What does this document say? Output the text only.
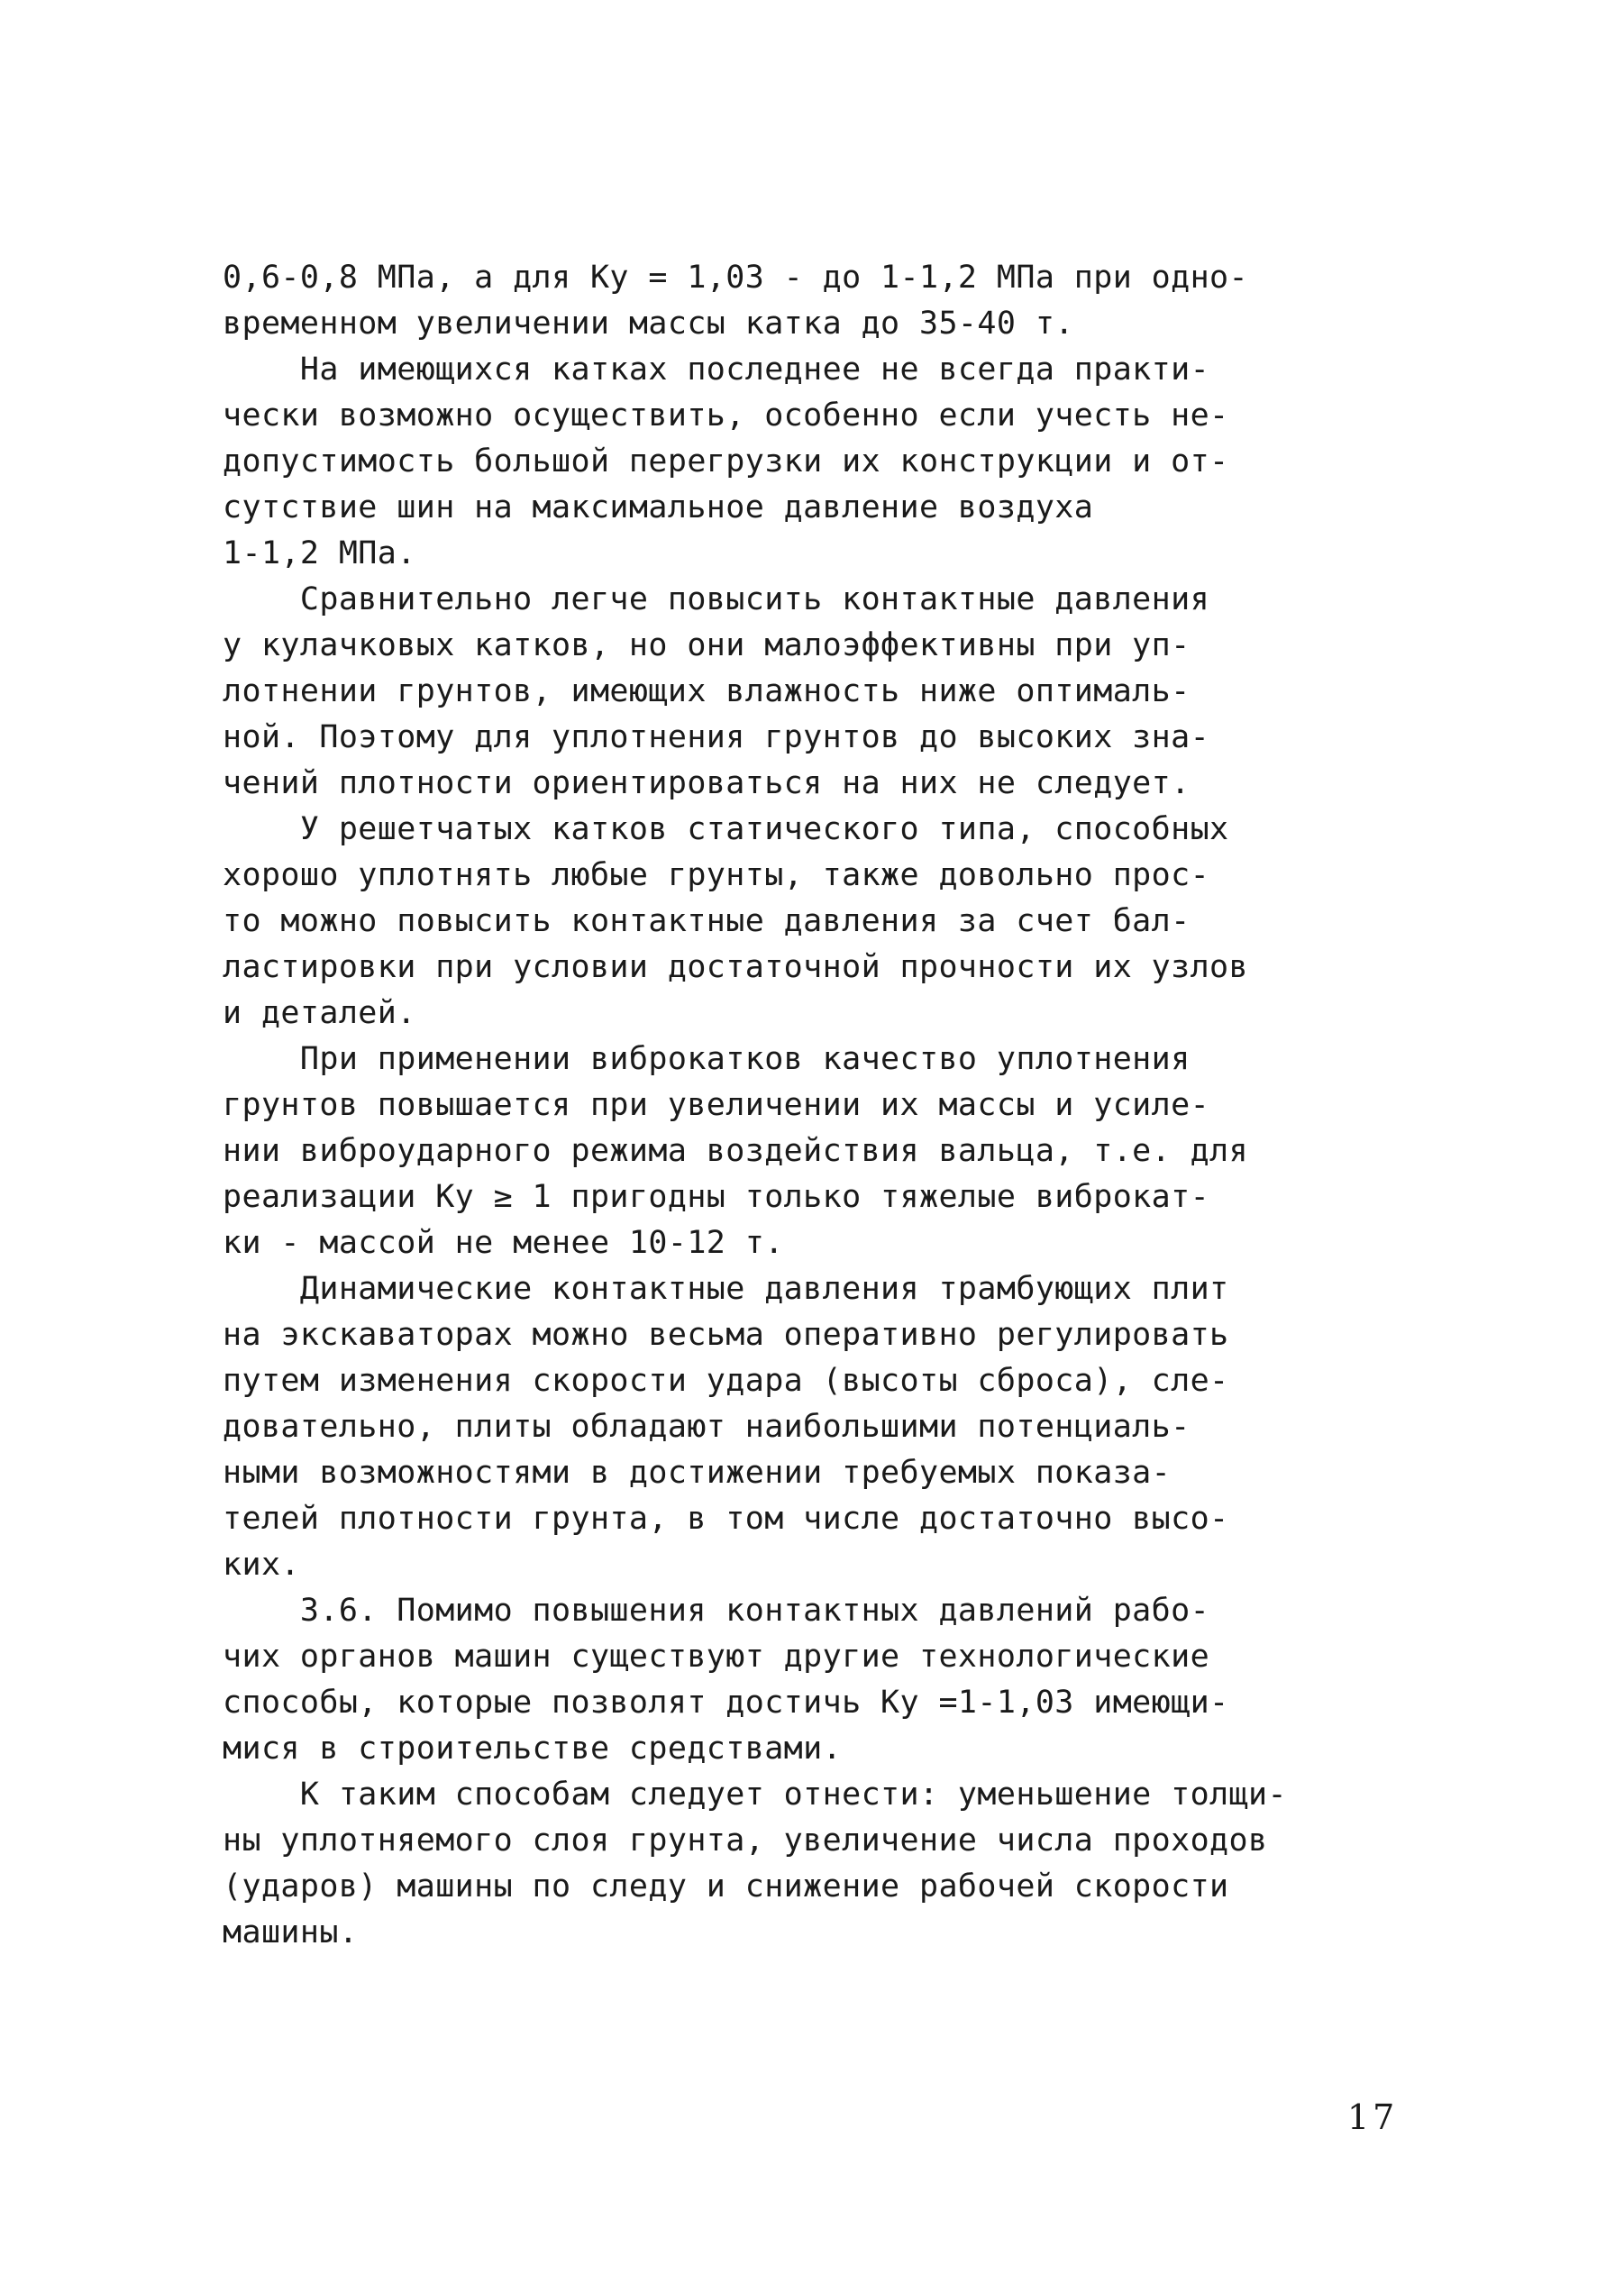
0,6-0,8 МПа, а для Ку = 1,03 - до 1-1,2 МПа при одно-
временном увеличении массы катка до 35-40 т.
На имеющихся катках последнее не всегда практи-
чески возможно осуществить, особенно если учесть не-
допустимость большой перегрузки их конструкции и от-
сутствие шин на максимальное давление воздуха
1-1,2 МПа.
Сравнительно легче повысить контактные давления
у кулачковых катков, но они малоэффективны при уп-
лотнении грунтов, имеющих влажность ниже оптималь-
ной. Поэтому для уплотнения грунтов до высоких зна-
чений плотности ориентироваться на них не следует.
У решетчатых катков статического типа, способных
хорошо уплотнять любые грунты, также довольно прос-
то можно повысить контактные давления за счет бал-
ластировки при условии достаточной прочности их узлов
и деталей.
При применении виброкатков качество уплотнения
грунтов повышается при увеличении их массы и усиле-
нии виброударного режима воздействия вальца, т.е. для
реализации Ку ≥ 1 пригодны только тяжелые виброкат-
ки - массой не менее 10-12 т.
Динамические контактные давления трамбующих плит
на экскаваторах можно весьма оперативно регулировать
путем изменения скорости удара (высоты сброса), сле-
довательно, плиты обладают наибольшими потенциаль-
ными возможностями в достижении требуемых показа-
телей плотности грунта, в том числе достаточно высо-
ких.
3.6. Помимо повышения контактных давлений рабо-
чих органов машин существуют другие технологические
способы, которые позволят достичь Ку =1-1,03 имеющи-
мися в строительстве средствами.
К таким способам следует отнести: уменьшение толщи-
ны уплотняемого слоя грунта, увеличение числа проходов
(ударов) машины по следу и снижение рабочей скорости
машины.
17
